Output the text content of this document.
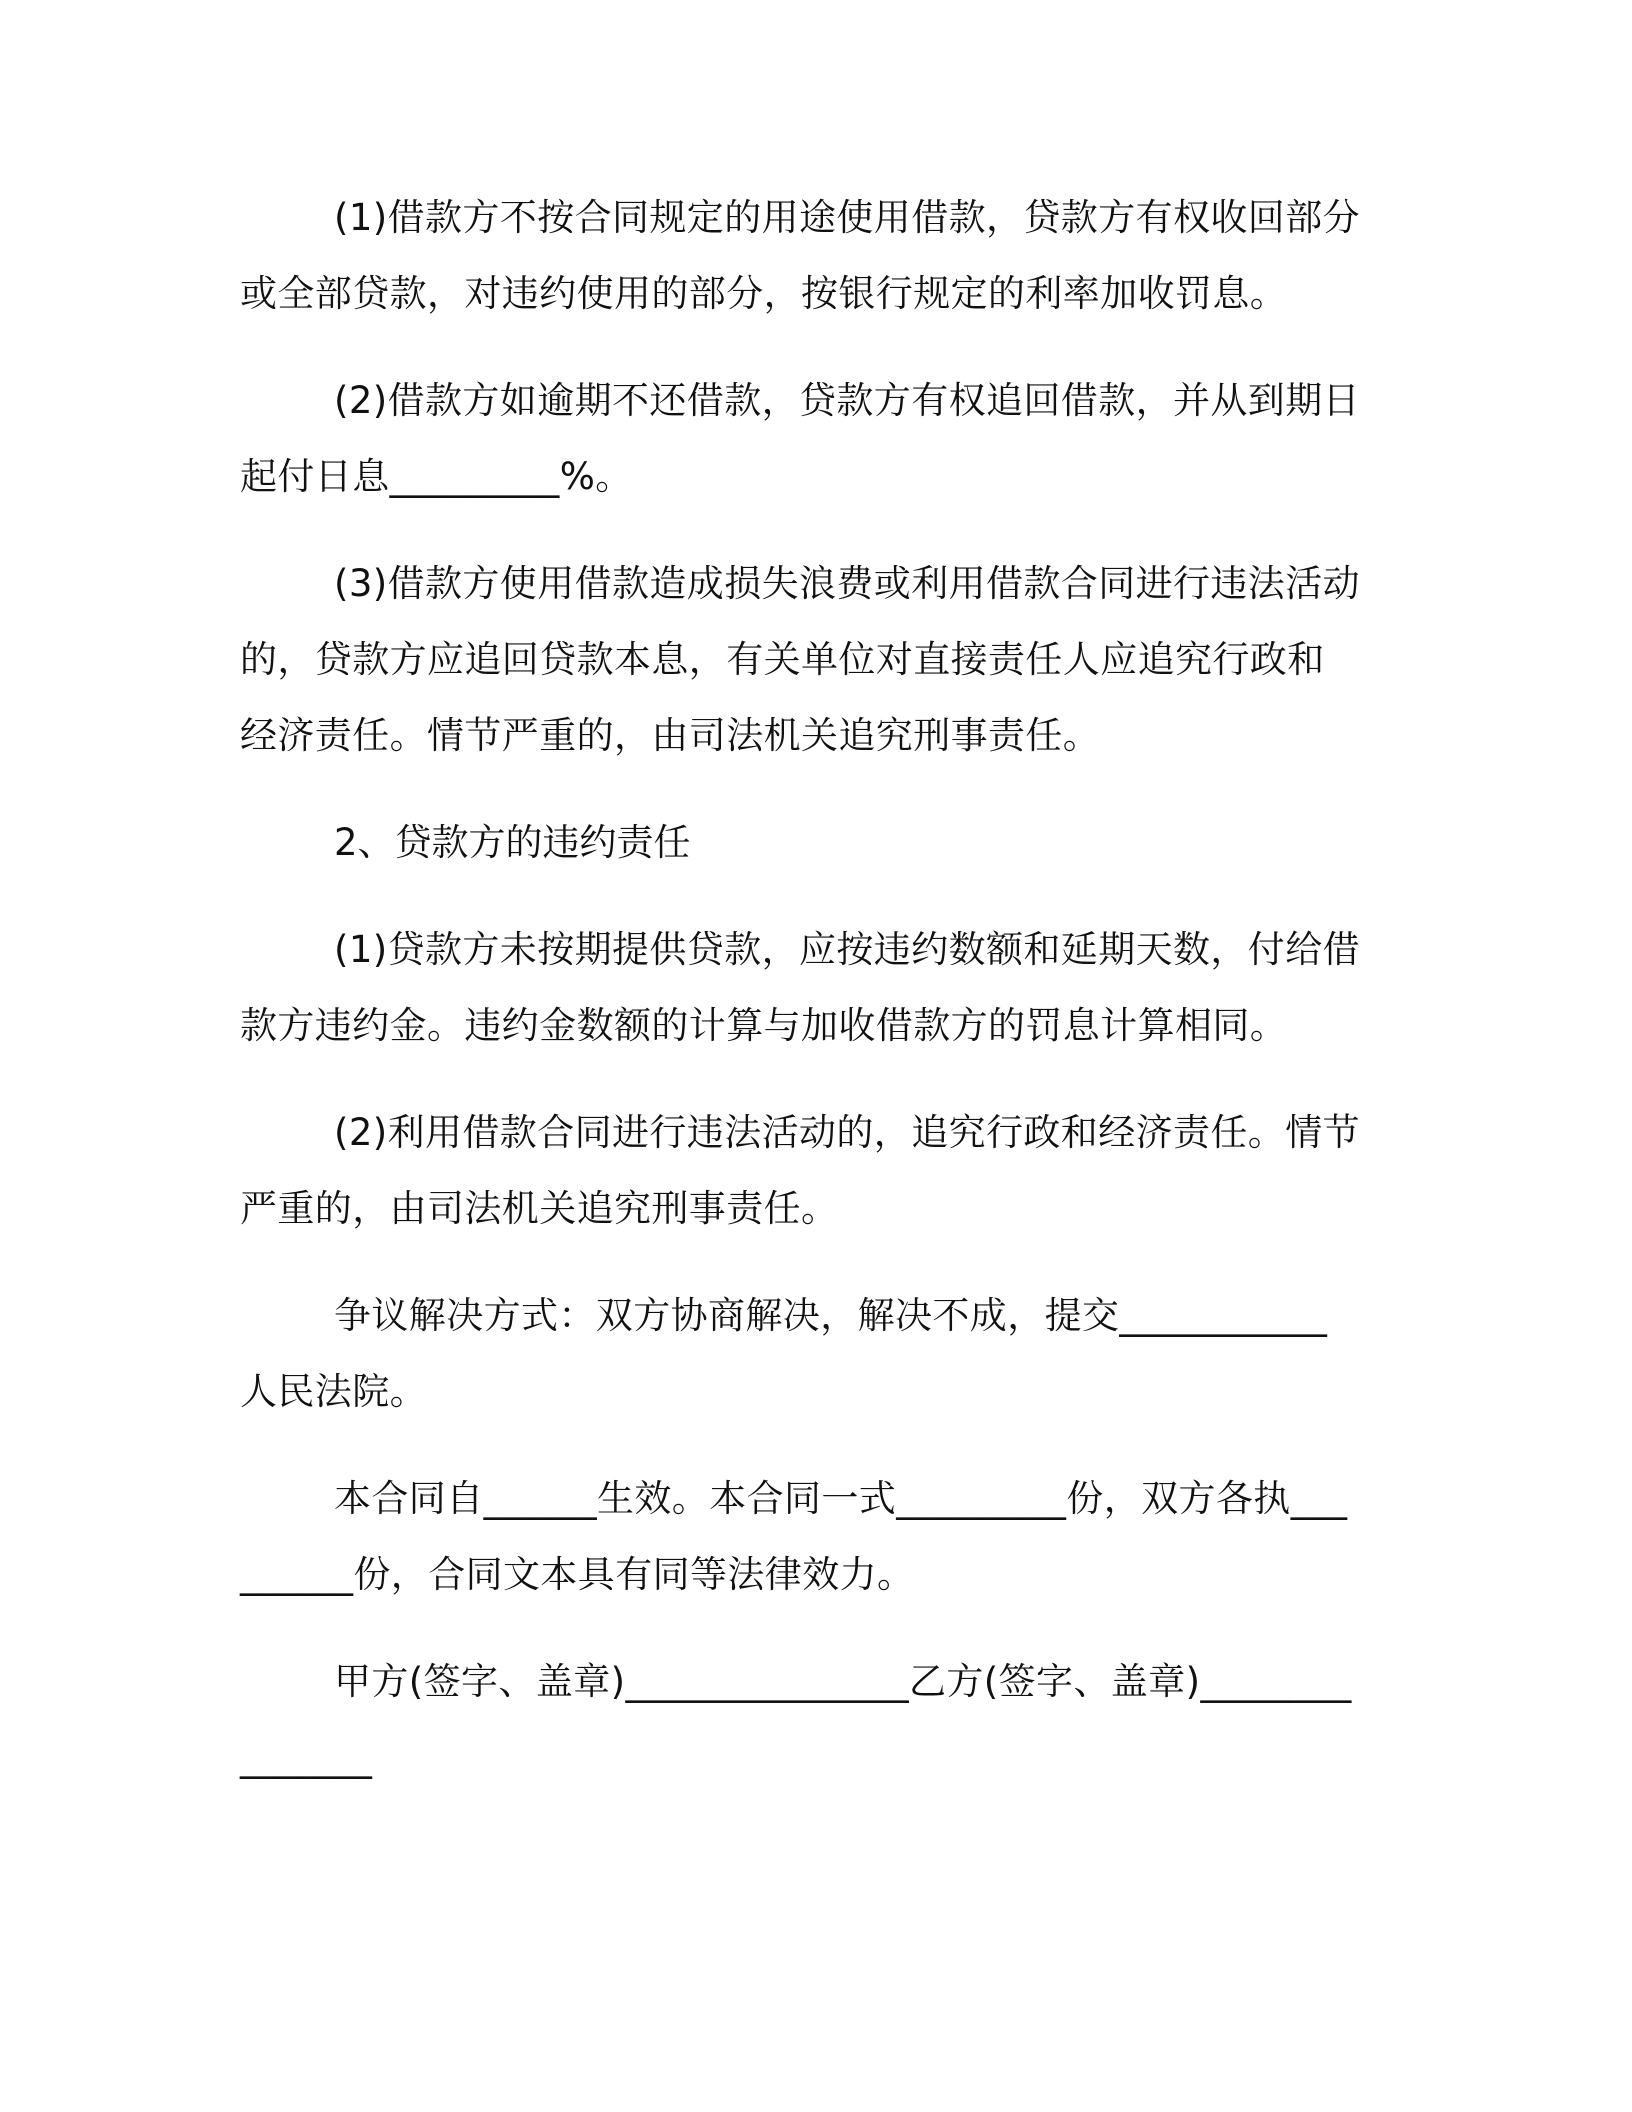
(1)借款方不按合同规定的用途使用借款，贷款方有权收回部分或全部贷款，对违约使用的部分，按银行规定的利率加收罚息。

(2)借款方如逾期不还借款，贷款方有权追回借款，并从到期日起付日息_________%。

(3)借款方使用借款造成损失浪费或利用借款合同进行违法活动的，贷款方应追回贷款本息，有关单位对直接责任人应追究行政和经济责任。情节严重的，由司法机关追究刑事责任。

2、贷款方的违约责任

(1)贷款方未按期提供贷款，应按违约数额和延期天数，付给借款方违约金。违约金数额的计算与加收借款方的罚息计算相同。

(2)利用借款合同进行违法活动的，追究行政和经济责任。情节严重的，由司法机关追究刑事责任。

争议解决方式：双方协商解决，解决不成，提交___________人民法院。

本合同自______生效。本合同一式_________份，双方各执_________份，合同文本具有同等法律效力。

甲方(签字、盖章)_______________乙方(签字、盖章)_______________
